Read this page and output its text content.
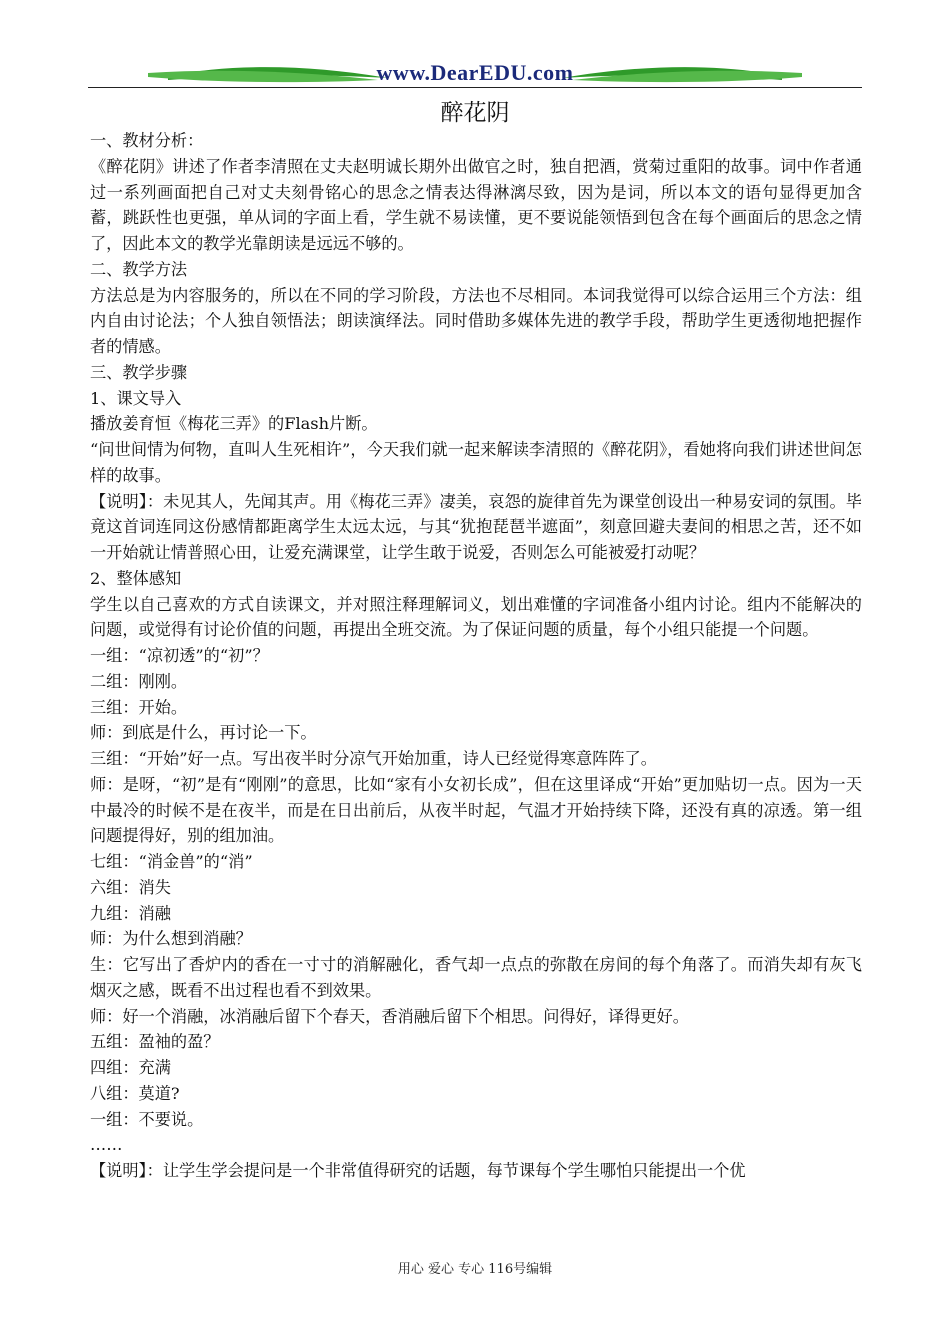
www.DearEDU.com
醉花阴

一、教材分析：

《醉花阴》讲述了作者李清照在丈夫赵明诚长期外出做官之时，独自把酒，赏菊过重阳的故事。词中作者通过一系列画面把自己对丈夫刻骨铭心的思念之情表达得淋漓尽致，因为是词，所以本文的语句显得更加含蓄，跳跃性也更强，单从词的字面上看，学生就不易读懂，更不要说能领悟到包含在每个画面后的思念之情了，因此本文的教学光靠朗读是远远不够的。

二、教学方法

方法总是为内容服务的，所以在不同的学习阶段，方法也不尽相同。本词我觉得可以综合运用三个方法：组内自由讨论法；个人独自领悟法；朗读演绎法。同时借助多媒体先进的教学手段，帮助学生更透彻地把握作者的情感。

三、教学步骤

1、课文导入

播放姜育恒《梅花三弄》的Flash片断。

“问世间情为何物，直叫人生死相许”，今天我们就一起来解读李清照的《醉花阴》，看她将向我们讲述世间怎样的故事。

【说明】：未见其人，先闻其声。用《梅花三弄》凄美，哀怨的旋律首先为课堂创设出一种易安词的氛围。毕竟这首词连同这份感情都距离学生太远太远，与其“犹抱琵琶半遮面”，刻意回避夫妻间的相思之苦，还不如一开始就让情普照心田，让爱充满课堂，让学生敢于说爱，否则怎么可能被爱打动呢？

2、整体感知

学生以自己喜欢的方式自读课文，并对照注释理解词义，划出难懂的字词准备小组内讨论。组内不能解决的问题，或觉得有讨论价值的问题，再提出全班交流。为了保证问题的质量，每个小组只能提一个问题。

一组：“凉初透”的“初”？

二组：刚刚。

三组：开始。

师：到底是什么，再讨论一下。

三组：“开始”好一点。写出夜半时分凉气开始加重，诗人已经觉得寒意阵阵了。

师：是呀，“初”是有“刚刚”的意思，比如“家有小女初长成”，但在这里译成“开始”更加贴切一点。因为一天中最冷的时候不是在夜半，而是在日出前后，从夜半时起，气温才开始持续下降，还没有真的凉透。第一组问题提得好，别的组加油。

七组：“消金兽”的“消”

六组：消失

九组：消融

师：为什么想到消融？

生：它写出了香炉内的香在一寸寸的消解融化，香气却一点点的弥散在房间的每个角落了。而消失却有灰飞烟灭之感，既看不出过程也看不到效果。

师：好一个消融，冰消融后留下个春天，香消融后留下个相思。问得好，译得更好。

五组：盈袖的盈？

四组：充满

八组：莫道?

一组：不要说。

……

【说明】：让学生学会提问是一个非常值得研究的话题，每节课每个学生哪怕只能提出一个优

用心 爱心 专心 116号编辑
